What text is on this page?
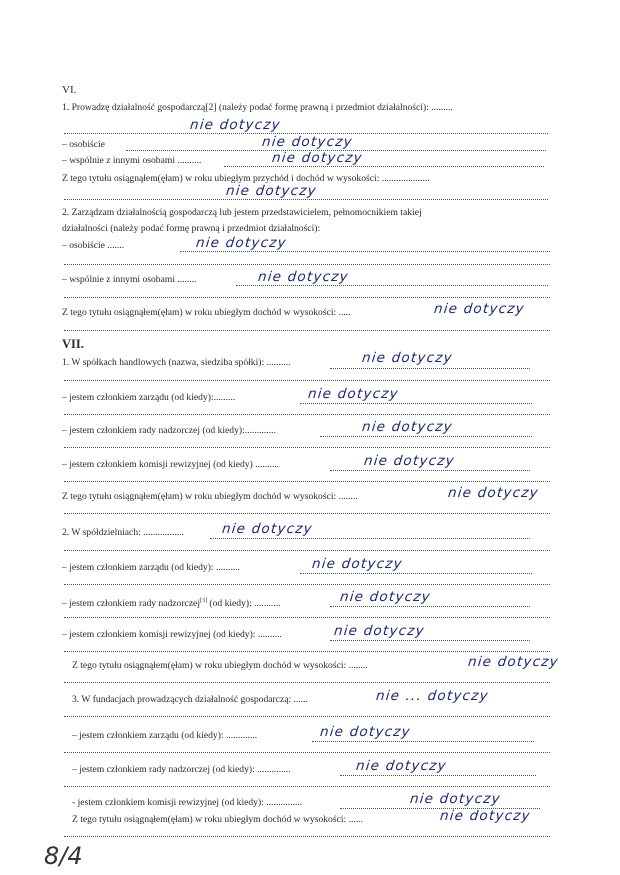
VI.
1. Prowadzę działalność gospodarczą[2] (należy podać formę prawną i przedmiot działalności): .........
nie dotyczy
– osobiście	nie dotyczy
– wspólnie z innymi osobami ..........	nie dotyczy
Z tego tytułu osiągnąłem(ęłam) w roku ubiegłym przychód i dochód w wysokości: ....................
nie dotyczy
2. Zarządzam działalnością gospodarczą lub jestem przedstawicielem, pełnomocnikiem takiej
działalności (należy podać formę prawną i przedmiot działalności):
– osobiście .......	nie dotyczy
– wspólnie z innymi osobami ........	nie dotyczy
Z tego tytułu osiągnąłem(ęłam) w roku ubiegłym dochód w wysokości: .....	nie dotyczy
VII.
1. W spółkach handlowych (nazwa, siedziba spółki): ..........	nie dotyczy
– jestem członkiem zarządu (od kiedy):.........	nie dotyczy
– jestem członkiem rady nadzorczej (od kiedy):.............	nie dotyczy
– jestem członkiem komisji rewizyjnej (od kiedy) ..........	nie dotyczy
Z tego tytułu osiągnąłem(ęłam) w roku ubiegłym dochód w wysokości: ........	nie dotyczy
2. W spółdzielniach: .................	nie dotyczy
– jestem członkiem zarządu (od kiedy): ..........	nie dotyczy
– jestem członkiem rady nadzorczej[3] (od kiedy): ...........	nie dotyczy
– jestem członkiem komisji rewizyjnej (od kiedy): ..........	nie dotyczy
Z tego tytułu osiągnąłem(ęłam) w roku ubiegłym dochód w wysokości: ........	nie dotyczy
3. W fundacjach prowadzących działalność gospodarczą: ......	nie ... dotyczy
– jestem członkiem zarządu (od kiedy): .............	nie dotyczy
– jestem członkiem rady nadzorczej (od kiedy): ..............	nie dotyczy
- jestem członkiem komisji rewizyjnej (od kiedy): ...............	nie dotyczy
Z tego tytułu osiągnąłem(ęłam) w roku ubiegłym dochód w wysokości: ......	nie dotyczy
8/4
